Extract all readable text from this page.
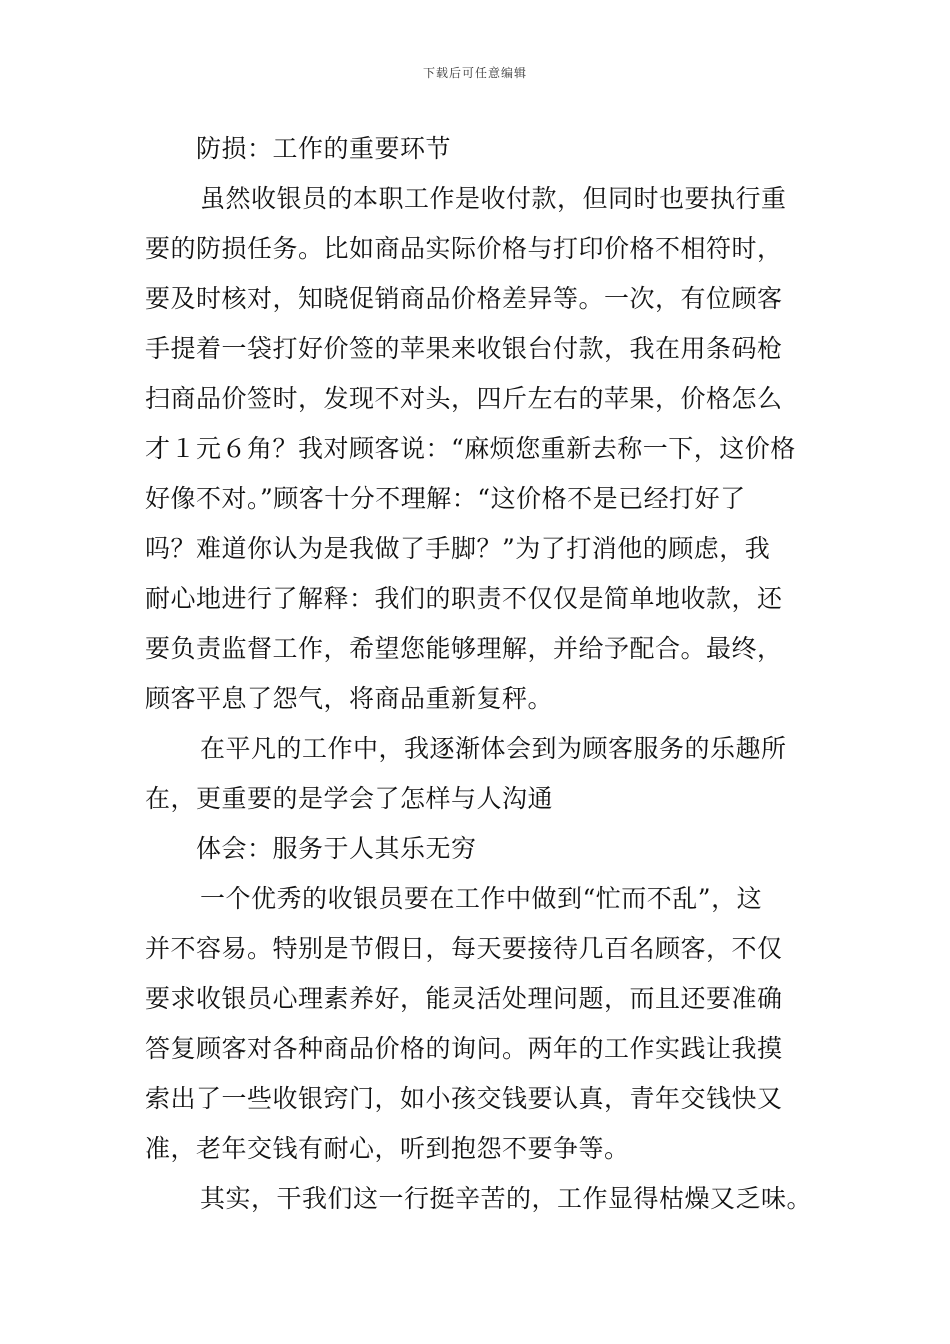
下载后可任意编辑
防损：工作的重要环节
虽然收银员的本职工作是收付款，但同时也要执行重
要的防损任务。比如商品实际价格与打印价格不相符时，
要及时核对，知晓促销商品价格差异等。一次，有位顾客
手提着一袋打好价签的苹果来收银台付款，我在用条码枪
扫商品价签时，发现不对头，四斤左右的苹果，价格怎么
才１元６角？我对顾客说：“麻烦您重新去称一下，这价格
好像不对。”顾客十分不理解：“这价格不是已经打好了
吗？难道你认为是我做了手脚？”为了打消他的顾虑，我
耐心地进行了解释：我们的职责不仅仅是简单地收款，还
要负责监督工作，希望您能够理解，并给予配合。最终，
顾客平息了怨气，将商品重新复秤。
在平凡的工作中，我逐渐体会到为顾客服务的乐趣所
在，更重要的是学会了怎样与人沟通
体会：服务于人其乐无穷
一个优秀的收银员要在工作中做到“忙而不乱”，这
并不容易。特别是节假日，每天要接待几百名顾客，不仅
要求收银员心理素养好，能灵活处理问题，而且还要准确
答复顾客对各种商品价格的询问。两年的工作实践让我摸
索出了一些收银窍门，如小孩交钱要认真，青年交钱快又
准，老年交钱有耐心，听到抱怨不要争等。
其实，干我们这一行挺辛苦的，工作显得枯燥又乏味。
